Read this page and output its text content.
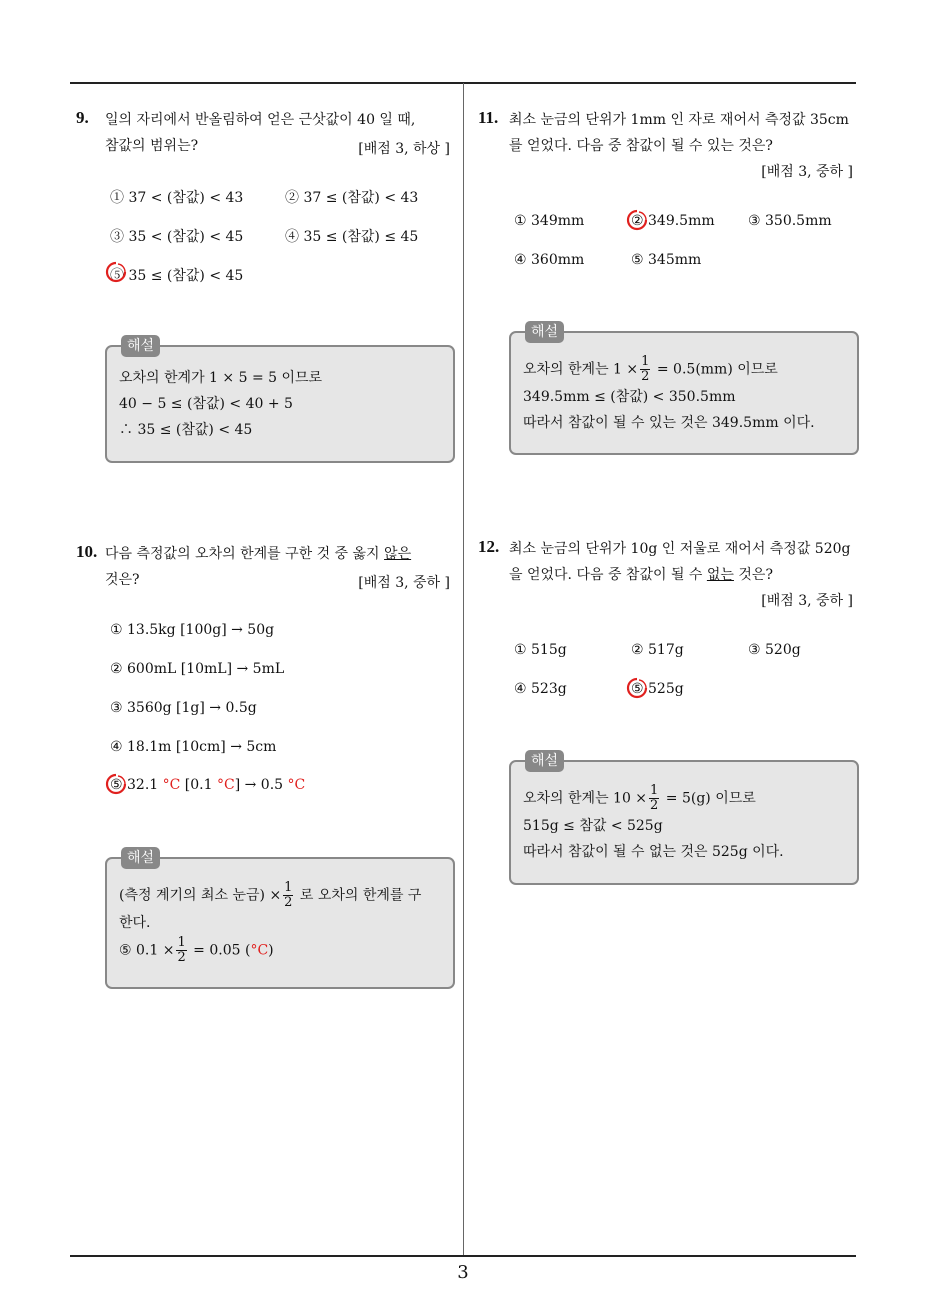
3
9. 일의 자리에서 반올림하여 얻은 근삿값이 40 일 때,
참값의 범위는?	[배점 3, 하상 ]
① 37 < (참값) < 43	② 37 ≤ (참값) < 43
③ 35 < (참값) < 45	④ 35 ≤ (참값) ≤ 45
⑤ 35 ≤ (참값) < 45
해설
오차의 한계가 1 × 5 = 5 이므로
40 − 5 ≤ (참값) < 40 + 5
∴ 35 ≤ (참값) < 45
10. 다음 측정값의 오차의 한계를 구한 것 중 옳지 않은
것은?	[배점 3, 중하 ]
① 13.5kg [100g] → 50g
② 600mL [10mL] → 5mL
③ 3560g [1g] → 0.5g
④ 18.1m [10cm] → 5cm
⑤ 32.1 °C [0.1 °C] → 0.5 °C
해설
(측정 계기의 최소 눈금) × $\frac{1}{2}$ 로 오차의 한계를 구
한다.
⑤ $0.1 \times \frac{1}{2} = 0.05$ (°C)
11. 최소 눈금의 단위가 1mm 인 자로 재어서 측정값 35cm
를 얻었다. 다음 중 참값이 될 수 있는 것은?
[배점 3, 중하 ]
① 349mm	② 349.5mm ③ 350.5mm
④ 360mm	⑤ 345mm
해설
오차의 한계는 $1 \times \frac{1}{2} = 0.5(mm)$ 이므로
349.5mm ≤ (참값) < 350.5mm
따라서 참값이 될 수 있는 것은 349.5mm 이다.
12. 최소 눈금의 단위가 10g 인 저울로 재어서 측정값 520g
을 얻었다. 다음 중 참값이 될 수 없는 것은?
[배점 3, 중하 ]
① 515g	② 517g	③ 520g
④ 523g	⑤ 525g
해설
오차의 한계는 $10 \times \frac{1}{2} = 5(g)$ 이므로
515g ≤ 참값 < 525g
따라서 참값이 될 수 없는 것은 525g 이다.
